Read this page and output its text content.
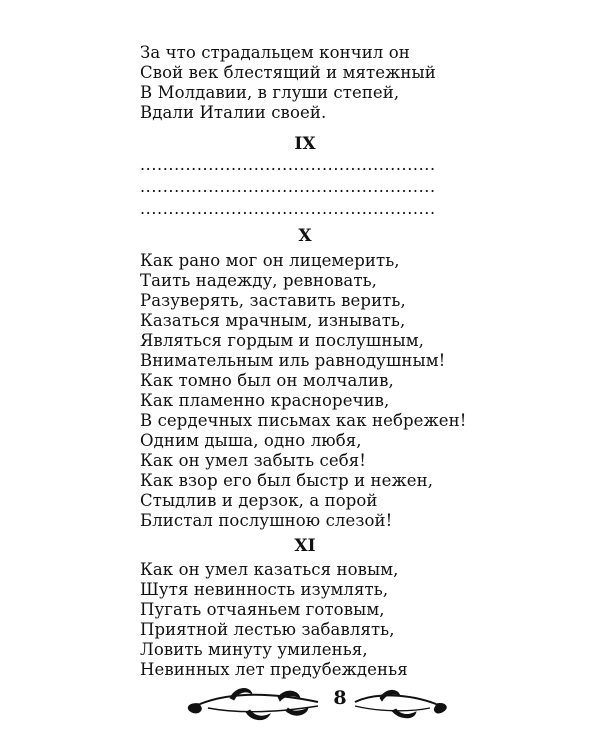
За что страдальцем кончил он
Свой век блестящий и мятежный
В Молдавии, в глуши степей,
Вдали Италии своей.
IX
....................................................
....................................................
....................................................
X
Как рано мог он лицемерить,
Таить надежду, ревновать,
Разуверять, заставить верить,
Казаться мрачным, изнывать,
Являться гордым и послушным,
Внимательным иль равнодушным!
Как томно был он молчалив,
Как пламенно красноречив,
В сердечных письмах как небрежен!
Одним дыша, одно любя,
Как он умел забыть себя!
Как взор его был быстр и нежен,
Стыдлив и дерзок, а порой
Блистал послушною слезой!
XI
Как он умел казаться новым,
Шутя невинность изумлять,
Пугать отчаяньем готовым,
Приятной лестью забавлять,
Ловить минуту умиленья,
Невинных лет предубежденья
8
